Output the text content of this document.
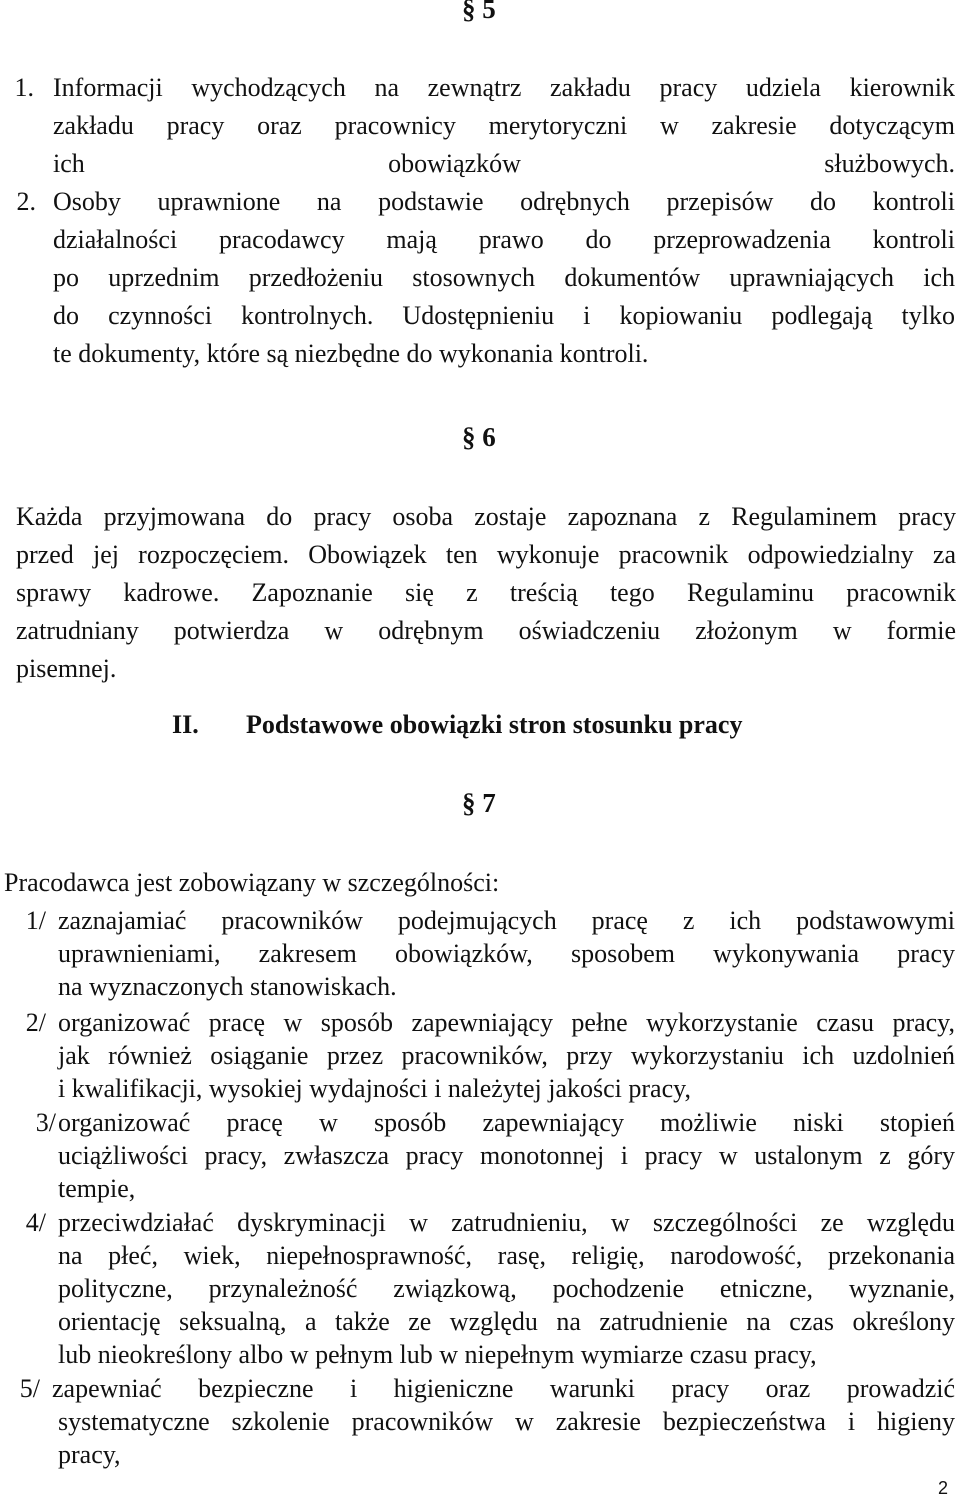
§ 5
1. Informacji wychodzących na zewnątrz zakładu pracy udziela kierownik
zakładu pracy oraz pracownicy merytoryczni w zakresie dotyczącym
ich obowiązków służbowych.
2. Osoby uprawnione na podstawie odrębnych przepisów do kontroli
działalności pracodawcy mają prawo do przeprowadzenia kontroli
po uprzednim przedłożeniu stosownych dokumentów uprawniających ich
do czynności kontrolnych. Udostępnieniu i kopiowaniu podlegają tylko
te dokumenty, które są niezbędne do wykonania kontroli.
§ 6
Każda przyjmowana do pracy osoba zostaje zapoznana z Regulaminem pracy
przed jej rozpoczęciem. Obowiązek ten wykonuje pracownik odpowiedzialny za
sprawy kadrowe. Zapoznanie się z treścią tego Regulaminu pracownik
zatrudniany potwierdza w odrębnym oświadczeniu złożonym w formie
pisemnej.
II. Podstawowe obowiązki stron stosunku pracy
§ 7
Pracodawca jest zobowiązany w szczególności:
1/ zaznajamiać pracowników podejmujących pracę z ich podstawowymi
uprawnieniami, zakresem obowiązków, sposobem wykonywania pracy
na wyznaczonych stanowiskach.
2/ organizować pracę w sposób zapewniający pełne wykorzystanie czasu pracy,
jak również osiąganie przez pracowników, przy wykorzystaniu ich uzdolnień
i kwalifikacji, wysokiej wydajności i należytej jakości pracy,
3/ organizować pracę w sposób zapewniający możliwie niski stopień
uciążliwości pracy, zwłaszcza pracy monotonnej i pracy w ustalonym z góry
tempie,
4/ przeciwdziałać dyskryminacji w zatrudnieniu, w szczególności ze względu
na płeć, wiek, niepełnosprawność, rasę, religię, narodowość, przekonania
polityczne, przynależność związkową, pochodzenie etniczne, wyznanie,
orientację seksualną, a także ze względu na zatrudnienie na czas określony
lub nieokreślony albo w pełnym lub w niepełnym wymiarze czasu pracy,
5/ zapewniać bezpieczne i higieniczne warunki pracy oraz prowadzić
systematyczne szkolenie pracowników w zakresie bezpieczeństwa i higieny
pracy,
2
